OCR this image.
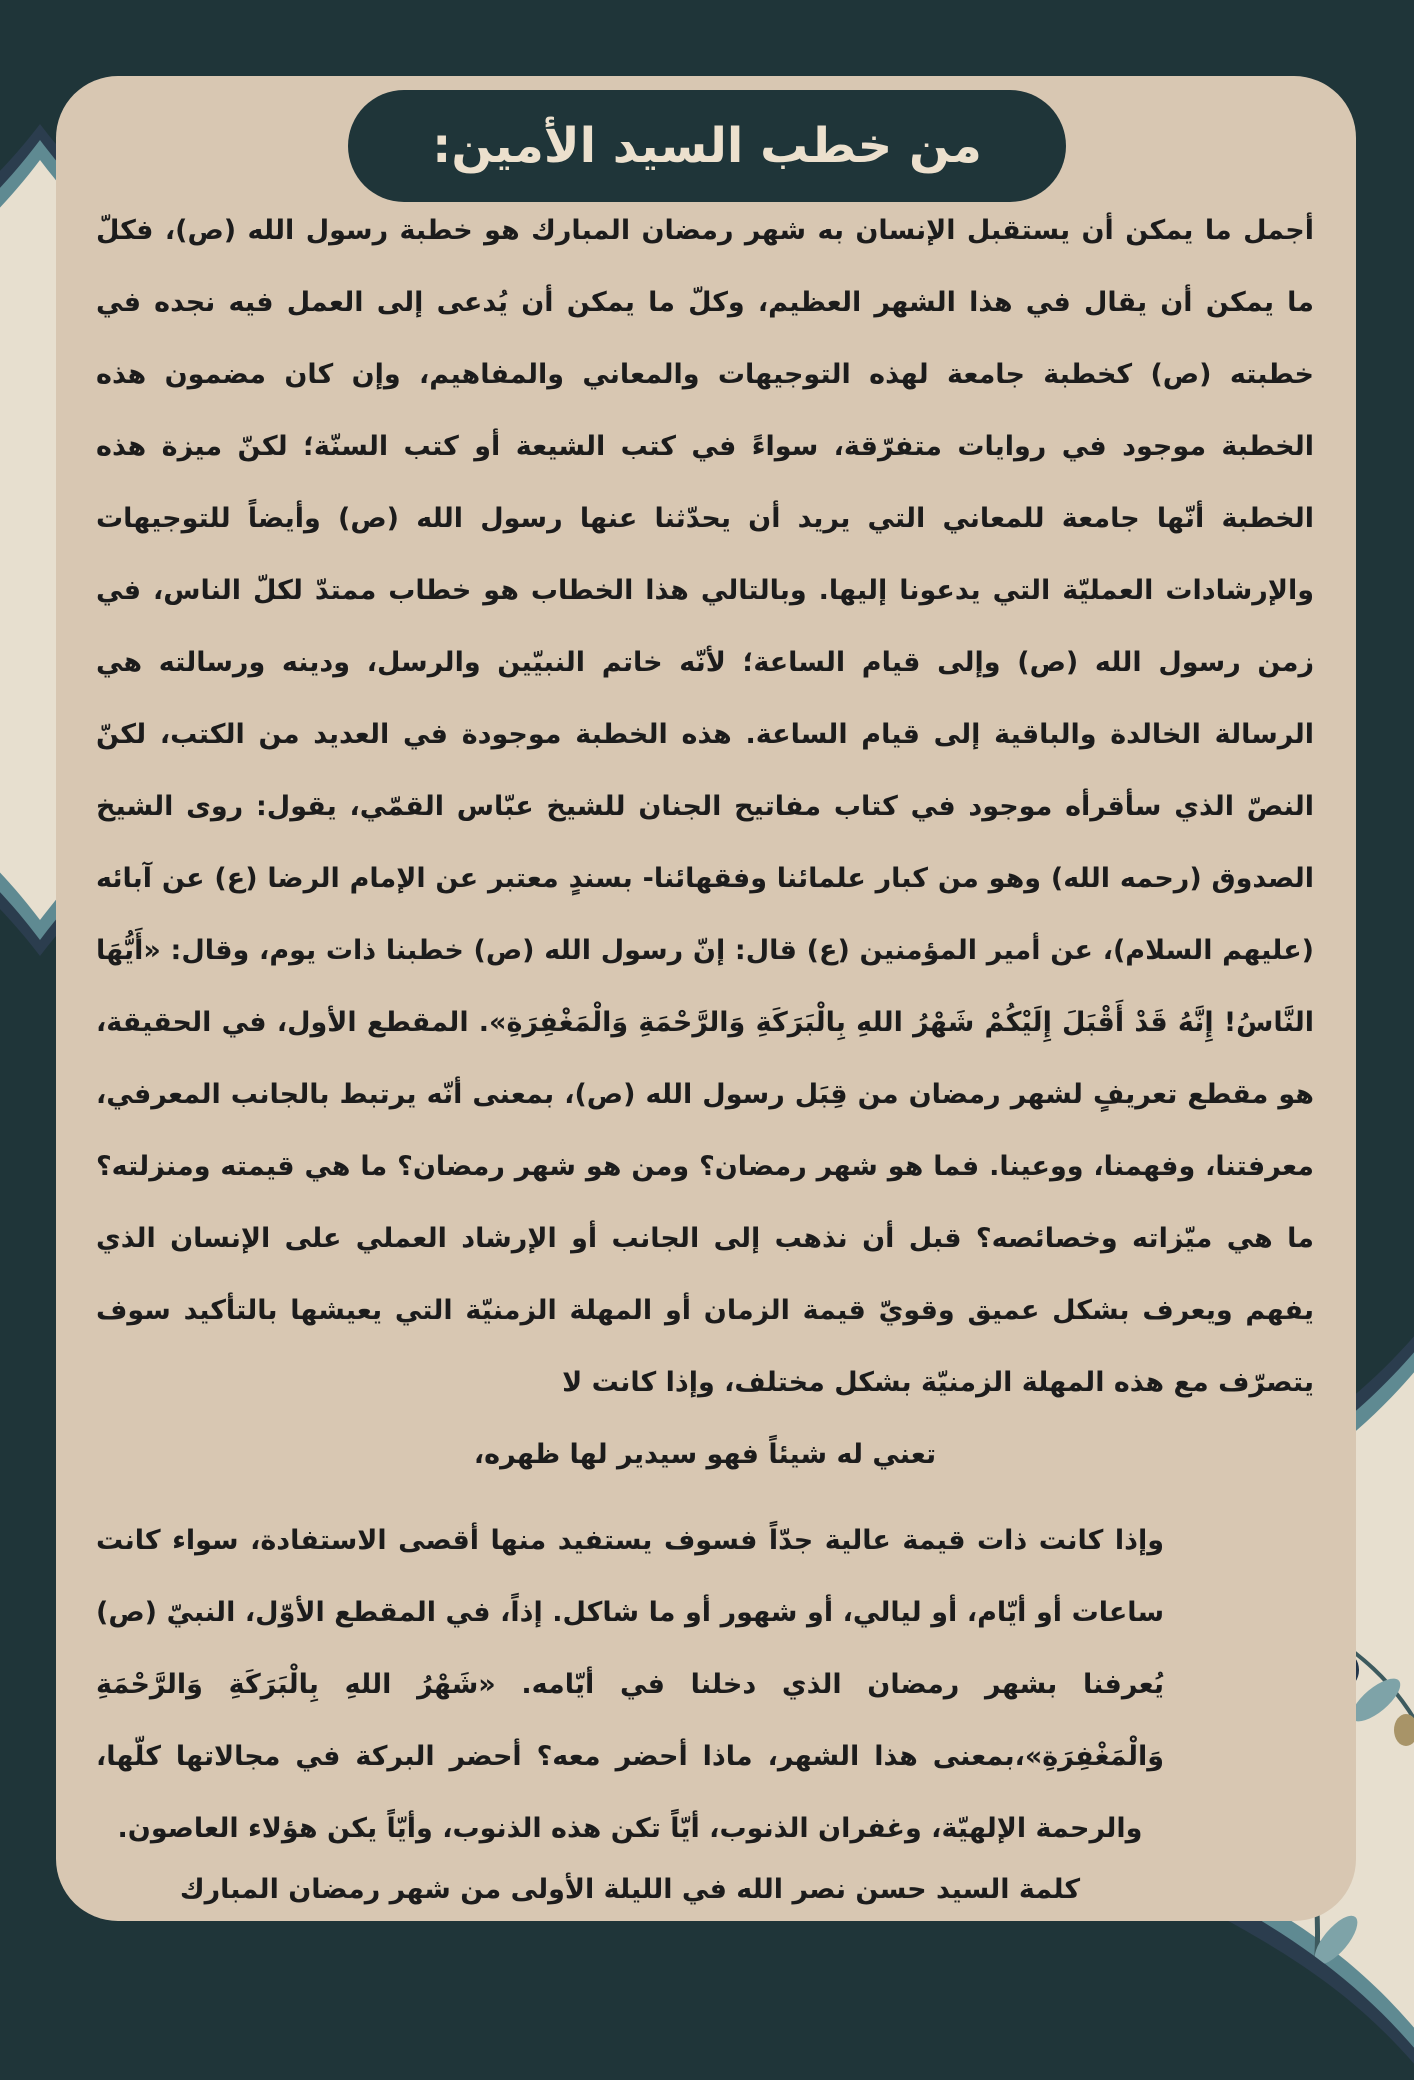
من خطب السيد الأمين:

أجمل ما يمكن أن يستقبل الإنسان به شهر رمضان المبارك هو خطبة رسول الله (ص)، فكلّ ما يمكن أن يقال في هذا الشهر العظيم، وكلّ ما يمكن أن يُدعى إلى العمل فيه نجده في خطبته (ص) كخطبة جامعة لهذه التوجيهات والمعاني والمفاهيم، وإن كان مضمون هذه الخطبة موجود في روايات متفرّقة، سواءً في كتب الشيعة أو كتب السنّة؛ لكنّ ميزة هذه الخطبة أنّها جامعة للمعاني التي يريد أن يحدّثنا عنها رسول الله (ص) وأيضاً للتوجيهات والإرشادات العمليّة التي يدعونا إليها. وبالتالي هذا الخطاب هو خطاب ممتدّ لكلّ الناس، في زمن رسول الله (ص) وإلى قيام الساعة؛ لأنّه خاتم النبيّين والرسل، ودينه ورسالته هي الرسالة الخالدة والباقية إلى قيام الساعة. هذه الخطبة موجودة في العديد من الكتب، لكنّ النصّ الذي سأقرأه موجود في كتاب مفاتيح الجنان للشيخ عبّاس القمّي، يقول: روى الشيخ الصدوق (رحمه الله) وهو من كبار علمائنا وفقهائنا- بسندٍ معتبر عن الإمام الرضا (ع) عن آبائه (عليهم السلام)، عن أمير المؤمنين (ع) قال: إنّ رسول الله (ص) خطبنا ذات يوم، وقال: «أَيُّهَا النَّاسُ! إِنَّهُ قَدْ أَقْبَلَ إِلَيْكُمْ شَهْرُ اللهِ بِالْبَرَكَةِ وَالرَّحْمَةِ وَالْمَغْفِرَةِ». المقطع الأول، في الحقيقة، هو مقطع تعريفٍ لشهر رمضان من قِبَل رسول الله (ص)، بمعنى أنّه يرتبط بالجانب المعرفي، معرفتنا، وفهمنا، ووعينا. فما هو شهر رمضان؟ ومن هو شهر رمضان؟ ما هي قيمته ومنزلته؟ ما هي ميّزاته وخصائصه؟ قبل أن نذهب إلى الجانب أو الإرشاد العملي على الإنسان الذي يفهم ويعرف بشكل عميق وقويّ قيمة الزمان أو المهلة الزمنيّة التي يعيشها بالتأكيد سوف يتصرّف مع هذه المهلة الزمنيّة بشكل مختلف، وإذا كانت لا
تعني له شيئاً فهو سيدير لها ظهره،

وإذا كانت ذات قيمة عالية جدّاً فسوف يستفيد منها أقصى الاستفادة، سواء كانت ساعات أو أيّام، أو ليالي، أو شهور أو ما شاكل. إذاً، في المقطع الأوّل، النبيّ (ص) يُعرفنا بشهر رمضان الذي دخلنا في أيّامه. «شَهْرُ اللهِ بِالْبَرَكَةِ وَالرَّحْمَةِ وَالْمَغْفِرَةِ»،بمعنى هذا الشهر، ماذا أحضر معه؟ أحضر البركة في مجالاتها كلّها، والرحمة الإلهيّة، وغفران الذنوب، أيّاً تكن هذه الذنوب، وأيّاً يكن هؤلاء العاصون.

كلمة السيد حسن نصر الله في الليلة الأولى من شهر رمضان المبارك
